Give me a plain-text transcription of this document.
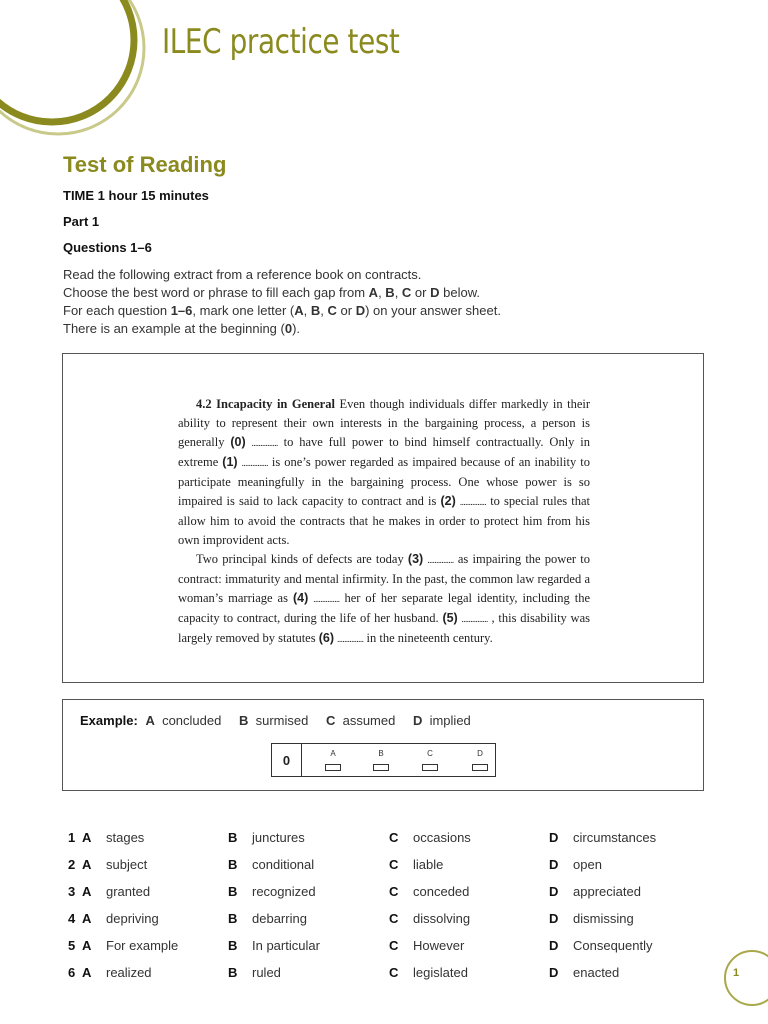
ILEC practice test
Test of Reading
TIME 1 hour 15 minutes
Part 1
Questions 1–6
Read the following extract from a reference book on contracts.
Choose the best word or phrase to fill each gap from A, B, C or D below.
For each question 1–6, mark one letter (A, B, C or D) on your answer sheet.
There is an example at the beginning (0).

4.2 Incapacity in General Even though individuals differ markedly in their ability to represent their own interests in the bargaining process, a person is generally (0) ............... to have full power to bind himself contractually. Only in extreme (1) ............... is one’s power regarded as impaired because of an inability to participate meaningfully in the bargaining process. One whose power is so impaired is said to lack capacity to contract and is (2) ............... to special rules that allow him to avoid the contracts that he makes in order to protect him from his own improvident acts.

Two principal kinds of defects are today (3) ............... as impairing the power to contract: immaturity and mental infirmity. In the past, the common law regarded a woman’s marriage as (4) ............... her of her separate legal identity, including the capacity to contract, during the life of her husband. (5) ............... , this disability was largely removed by statutes (6) ............... in the nineteenth century.

Example: A concluded B surmised C assumed D implied
0	A	B	C	D
1 A stages	B junctures	C occasions	D circumstances
2 A subject	B conditional	C liable	D open
3 A granted	B recognized	C conceded	D appreciated
4 A depriving	B debarring	C dissolving	D dismissing
5 A For example	B In particular	C However	D Consequently
6 A realized	B ruled	C legislated	D enacted	1
